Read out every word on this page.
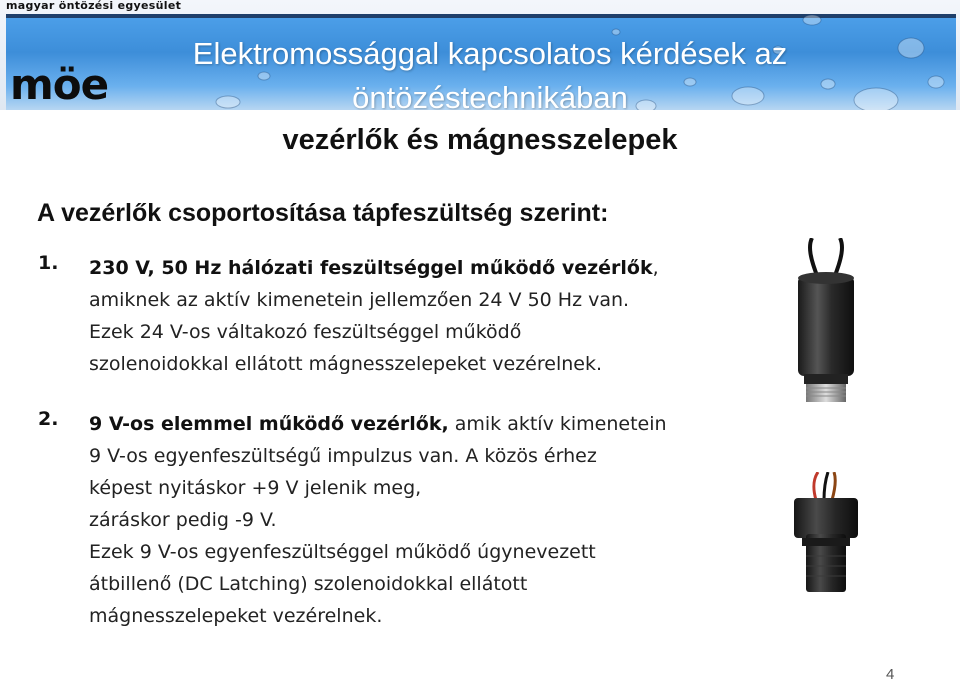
magyar öntözési egyesület
Elektromossággal kapcsolatos kérdések az
öntözéstechnikában
möe
vezérlők és mágnesszelepek
A vezérlők csoportosítása tápfeszültség szerint:
1. 230 V, 50 Hz hálózati feszültséggel működő vezérlők,
amiknek az aktív kimenetein jellemzően 24 V 50 Hz van.
Ezek 24 V-os váltakozó feszültséggel működő
szolenoidokkal ellátott mágnesszelepeket vezérelnek.
2. 9 V-os elemmel működő vezérlők, amik aktív kimenetein
9 V-os egyenfeszültségű impulzus van. A közös érhez
képest nyitáskor +9 V jelenik meg,
záráskor pedig -9 V.
Ezek 9 V-os egyenfeszültséggel működő úgynevezett
átbillenő (DC Latching) szolenoidokkal ellátott
mágnesszelepeket vezérelnek.
4
